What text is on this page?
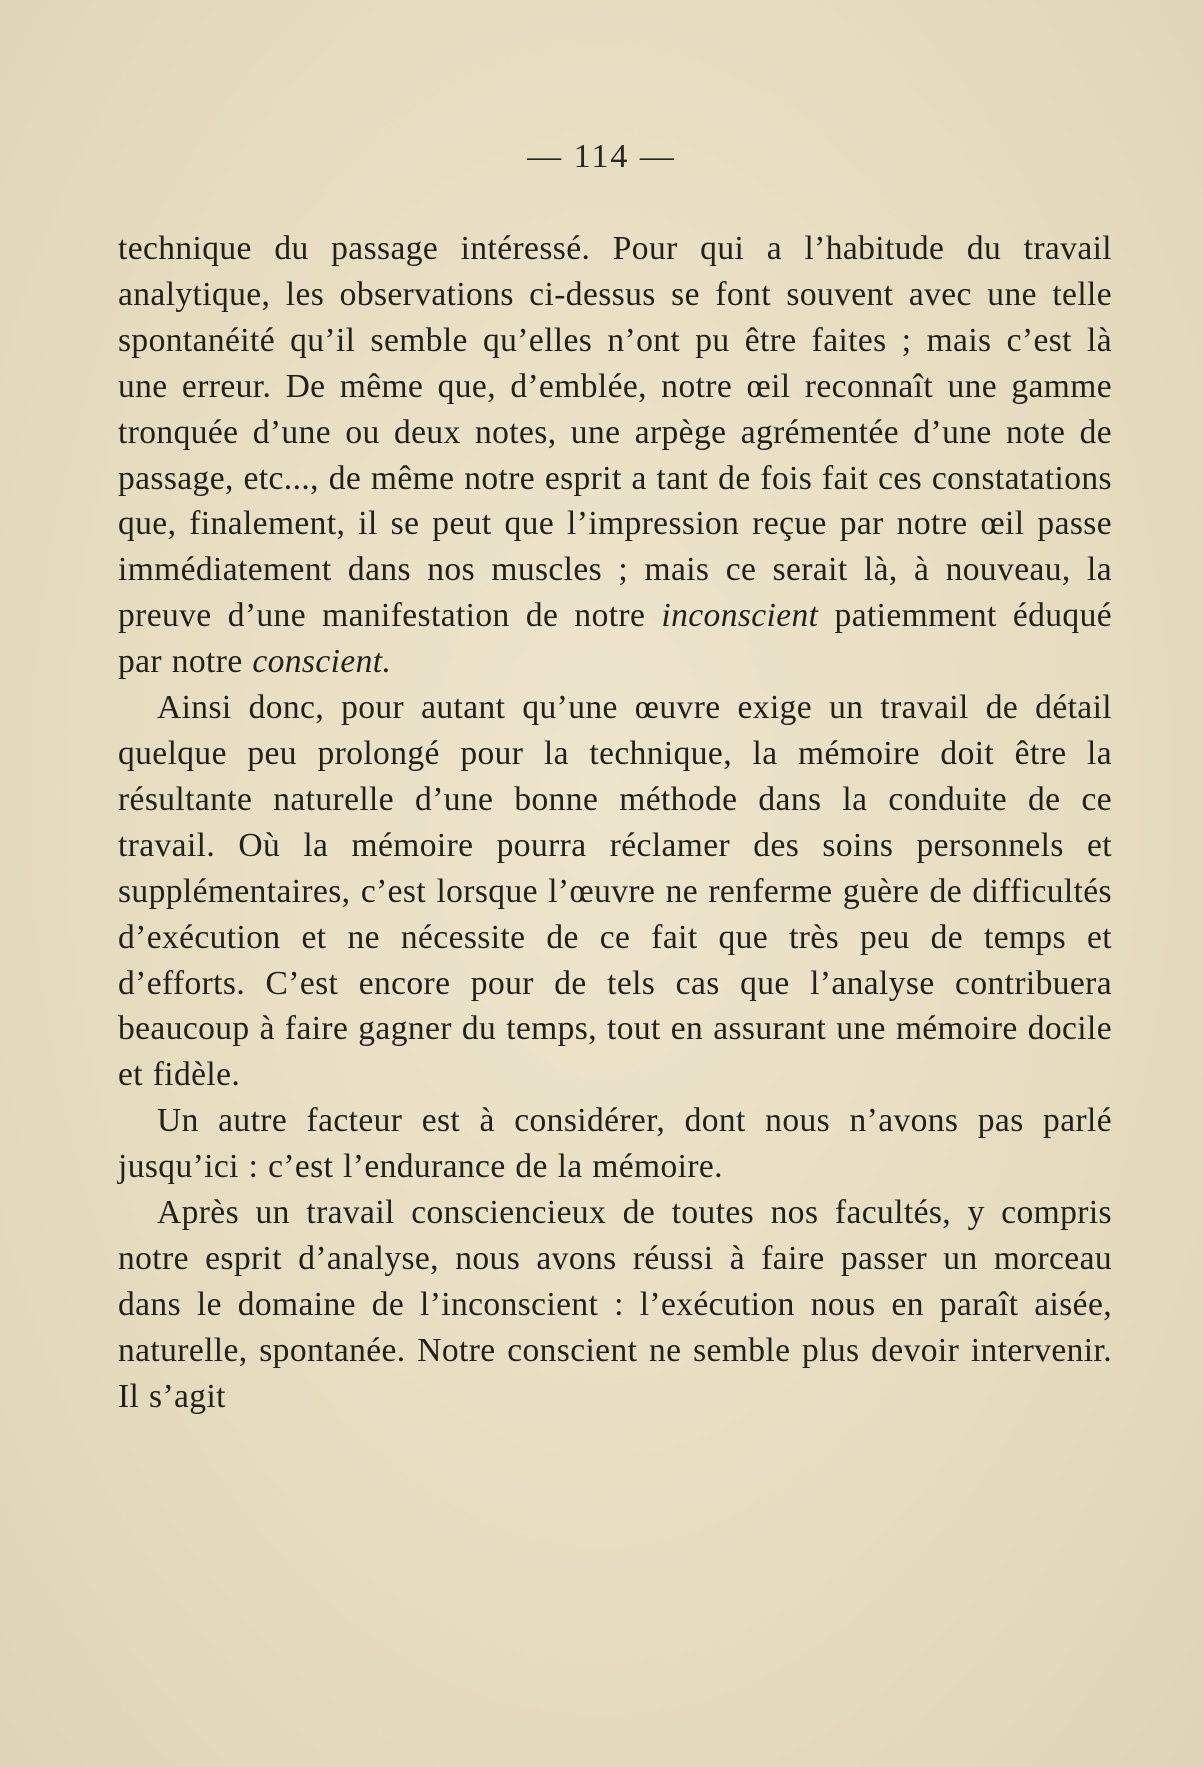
— 114 —

technique du passage intéressé. Pour qui a l’habitude du travail analytique, les observations ci-dessus se font souvent avec une telle spontanéité qu’il semble qu’elles n’ont pu être faites ; mais c’est là une erreur. De même que, d’emblée, notre œil reconnaît une gamme tronquée d’une ou deux notes, une arpège agrémentée d’une note de passage, etc..., de même notre esprit a tant de fois fait ces constatations que, finalement, il se peut que l’impression reçue par notre œil passe immédiatement dans nos muscles ; mais ce serait là, à nouveau, la preuve d’une manifestation de notre inconscient patiemment éduqué par notre conscient.

Ainsi donc, pour autant qu’une œuvre exige un travail de détail quelque peu prolongé pour la technique, la mémoire doit être la résultante naturelle d’une bonne méthode dans la conduite de ce travail. Où la mémoire pourra réclamer des soins personnels et supplémentaires, c’est lorsque l’œuvre ne renferme guère de difficultés d’exécution et ne nécessite de ce fait que très peu de temps et d’efforts. C’est encore pour de tels cas que l’analyse contribuera beaucoup à faire gagner du temps, tout en assurant une mémoire docile et fidèle.

Un autre facteur est à considérer, dont nous n’avons pas parlé jusqu’ici : c’est l’endurance de la mémoire.

Après un travail consciencieux de toutes nos facultés, y compris notre esprit d’analyse, nous avons réussi à faire passer un morceau dans le domaine de l’inconscient : l’exécution nous en paraît aisée, naturelle, spontanée. Notre conscient ne semble plus devoir intervenir. Il s’agit
